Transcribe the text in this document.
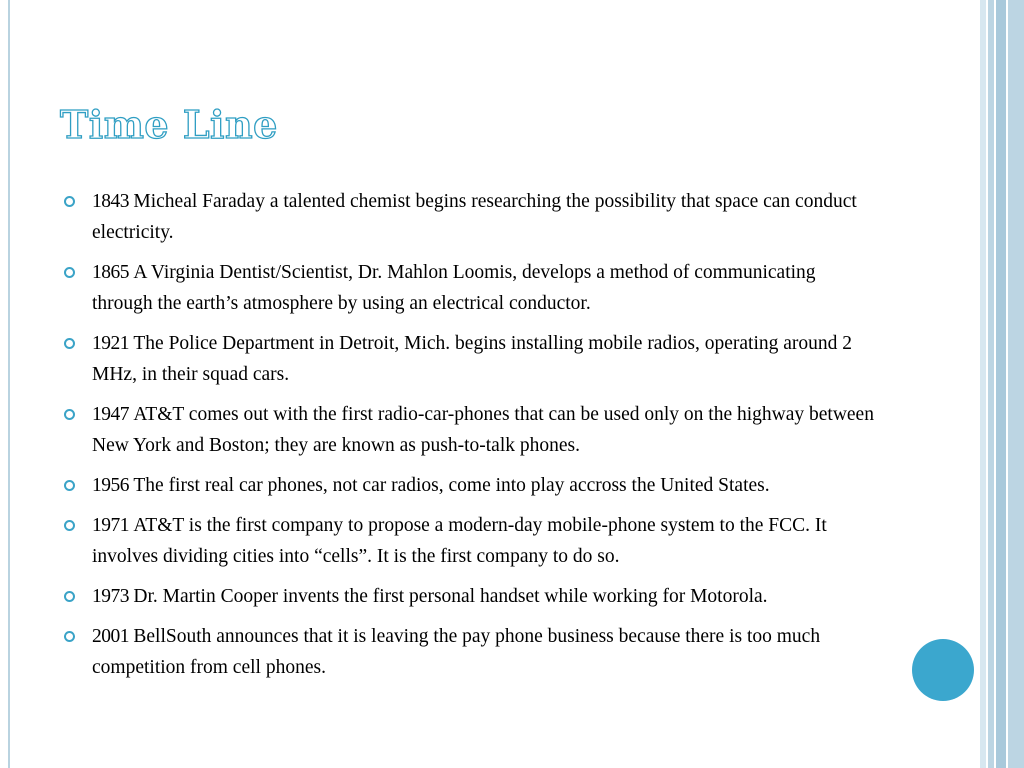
Time Line
1843 Micheal Faraday a talented chemist begins researching the possibility that space can conduct electricity.
1865 A Virginia Dentist/Scientist, Dr. Mahlon Loomis, develops a method of communicating through the earth’s atmosphere by using an electrical conductor.
1921 The Police Department in Detroit, Mich. begins installing mobile radios, operating around 2 MHz, in their squad cars.
1947 AT&T comes out with the first radio-car-phones that can be used only on the highway between New York and Boston; they are known as push-to-talk phones.
1956 The first real car phones, not car radios, come into play accross the United States.
1971 AT&T is the first company to propose a modern-day mobile-phone system to the FCC. It involves dividing cities into “cells”. It is the first company to do so.
1973 Dr. Martin Cooper invents the first personal handset while working for Motorola.
2001 BellSouth announces that it is leaving the pay phone business because there is too much competition from cell phones.
